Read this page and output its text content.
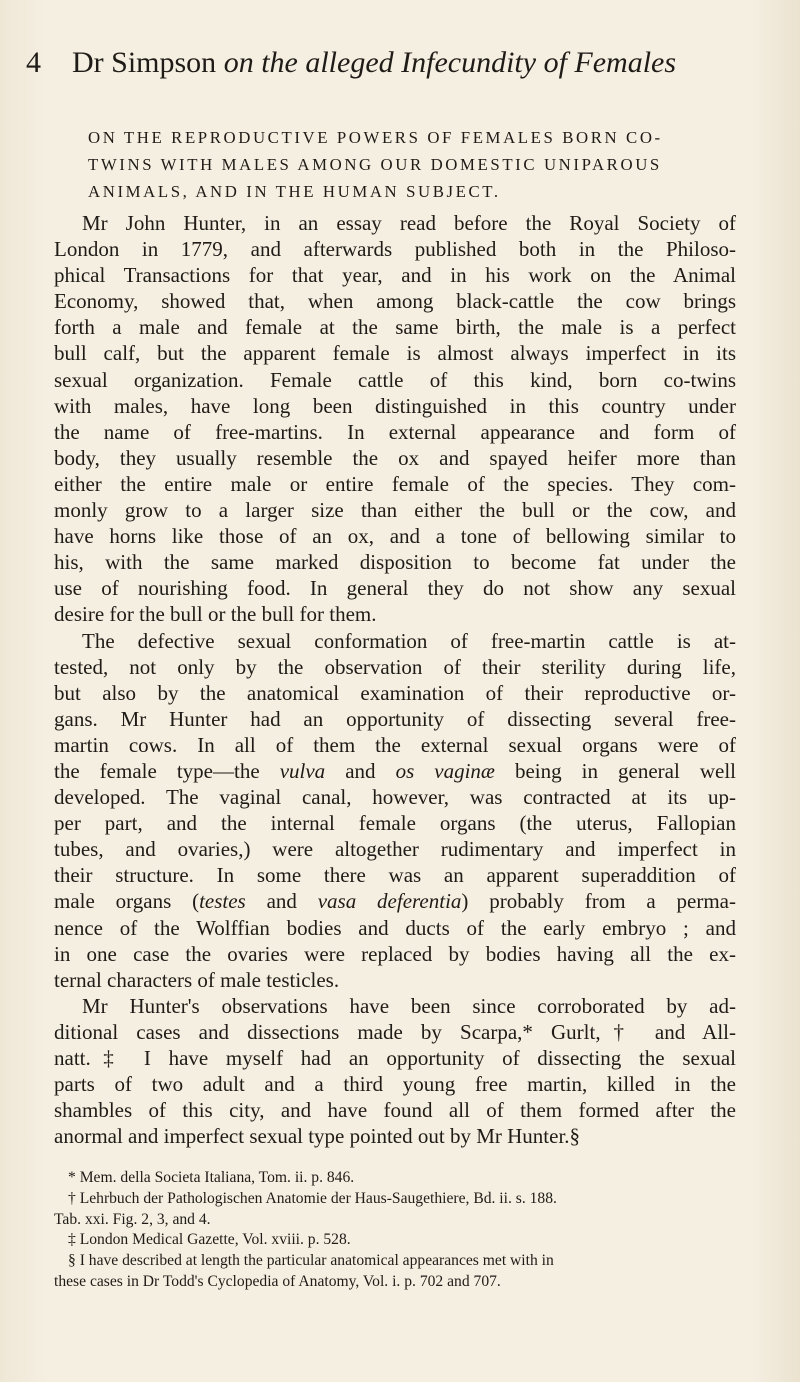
4 Dr Simpson on the alleged Infecundity of Females
ON THE REPRODUCTIVE POWERS OF FEMALES BORN CO-
TWINS WITH MALES AMONG OUR DOMESTIC UNIPAROUS
ANIMALS, AND IN THE HUMAN SUBJECT.
Mr John Hunter, in an essay read before the Royal Society of
London in 1779, and afterwards published both in the Philoso-
phical Transactions for that year, and in his work on the Animal
Economy, showed that, when among black-cattle the cow brings
forth a male and female at the same birth, the male is a perfect
bull calf, but the apparent female is almost always imperfect in its
sexual organization. Female cattle of this kind, born co-twins
with males, have long been distinguished in this country under
the name of free-martins. In external appearance and form of
body, they usually resemble the ox and spayed heifer more than
either the entire male or entire female of the species. They com-
monly grow to a larger size than either the bull or the cow, and
have horns like those of an ox, and a tone of bellowing similar to
his, with the same marked disposition to become fat under the
use of nourishing food. In general they do not show any sexual
desire for the bull or the bull for them.
The defective sexual conformation of free-martin cattle is at-
tested, not only by the observation of their sterility during life,
but also by the anatomical examination of their reproductive or-
gans. Mr Hunter had an opportunity of dissecting several free-
martin cows. In all of them the external sexual organs were of
the female type—the vulva and os vaginæ being in general well
developed. The vaginal canal, however, was contracted at its up-
per part, and the internal female organs (the uterus, Fallopian
tubes, and ovaries,) were altogether rudimentary and imperfect in
their structure. In some there was an apparent superaddition of
male organs (testes and vasa deferentia) probably from a perma-
nence of the Wolffian bodies and ducts of the early embryo ; and
in one case the ovaries were replaced by bodies having all the ex-
ternal characters of male testicles.
Mr Hunter's observations have been since corroborated by ad-
ditional cases and dissections made by Scarpa,* Gurlt,† and All-
natt.‡ I have myself had an opportunity of dissecting the sexual
parts of two adult and a third young free martin, killed in the
shambles of this city, and have found all of them formed after the
anormal and imperfect sexual type pointed out by Mr Hunter.§
* Mem. della Societa Italiana, Tom. ii. p. 846.
† Lehrbuch der Pathologischen Anatomie der Haus-Saugethiere, Bd. ii. s. 188.
Tab. xxi. Fig. 2, 3, and 4.
‡ London Medical Gazette, Vol. xviii. p. 528.
§ I have described at length the particular anatomical appearances met with in
these cases in Dr Todd's Cyclopedia of Anatomy, Vol. i. p. 702 and 707.
